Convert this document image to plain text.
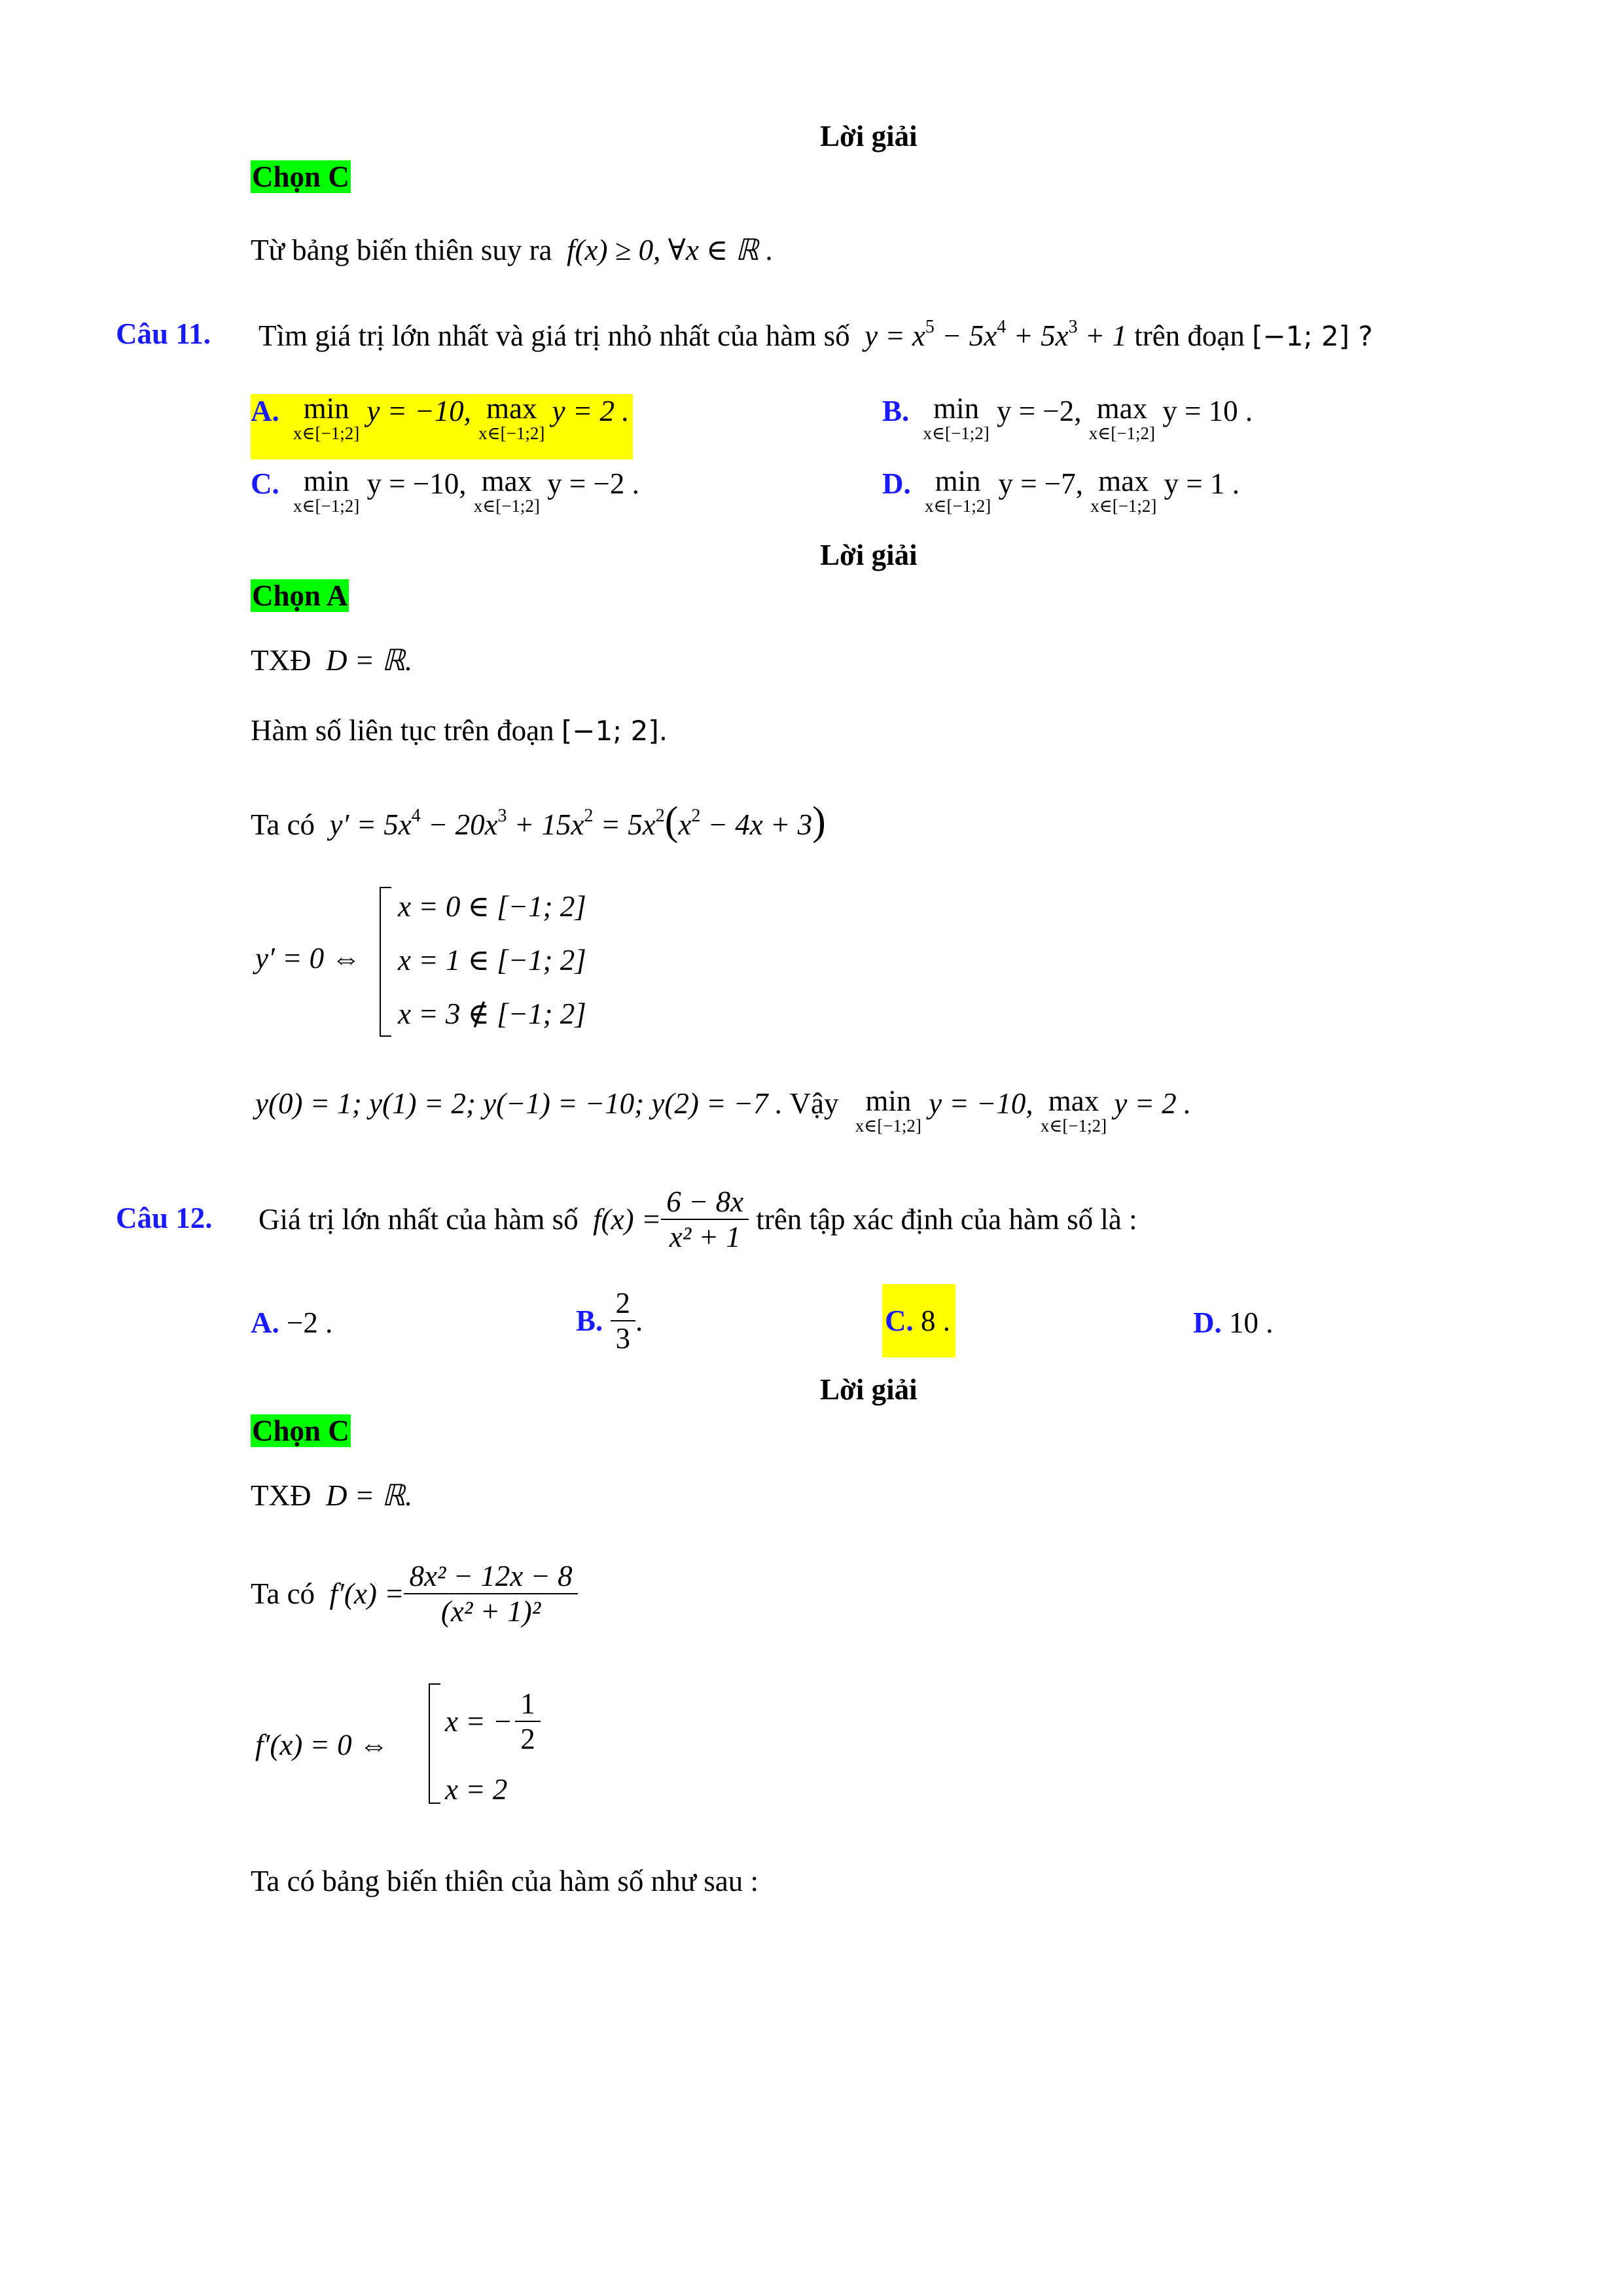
Lời giải
Chọn C
Từ bảng biến thiên suy ra f(x) ≥ 0, ∀x ∈ ℝ .
Câu 11. Tìm giá trị lớn nhất và giá trị nhỏ nhất của hàm số $y = x^5 - 5x^4 + 5x^3 + 1$ trên đoạn [−1; 2] ?
A. min
x∈[−1;2]
y = −10, max
x∈[−1;2]
y = 2 .	B. min
x∈[−1;2]
y = −2, max
x∈[−1;2]
y = 10 .
C. min
x∈[−1;2]
y = −10, max
x∈[−1;2]
y = −2 .	D. min
x∈[−1;2]
y = −7, max
x∈[−1;2]
y = 1 .
Lời giải
Chọn A
TXĐ D = ℝ.
Hàm số liên tục trên đoạn [−1; 2].
Ta có $y' = 5x^4 - 20x^3 + 15x^2 = 5x^2(x^2 - 4x + 3)$
y′ = 0 ⇔
x = 0 ∈ [−1; 2]
x = 1 ∈ [−1; 2]
x = 3 ∉ [−1; 2]
y(0) = 1; y(1) = 2; y(−1) = −10; y(2) = −7 . Vậy min
x∈[−1;2]
y = −10, max
x∈[−1;2]
y = 2 .
Câu 12. Giá trị lớn nhất của hàm số
$f(x) = \frac{6 - 8x}{\text{x² + 1}}$
trên tập xác định của hàm số là :
A. −2 .	B.
$\frac{2}{3}$ .	C.
8 .	D. 10 .
Lời giải
Chọn C
TXĐ D = ℝ.
Ta có
$f'(x) = \frac{\text{8x² − 12x − 8}}{\text{(x² + 1)²}}$
f′(x) = 0 ⇔
x = − $\frac{1}{2}$
x = 2
Ta có bảng biến thiên của hàm số như sau :
